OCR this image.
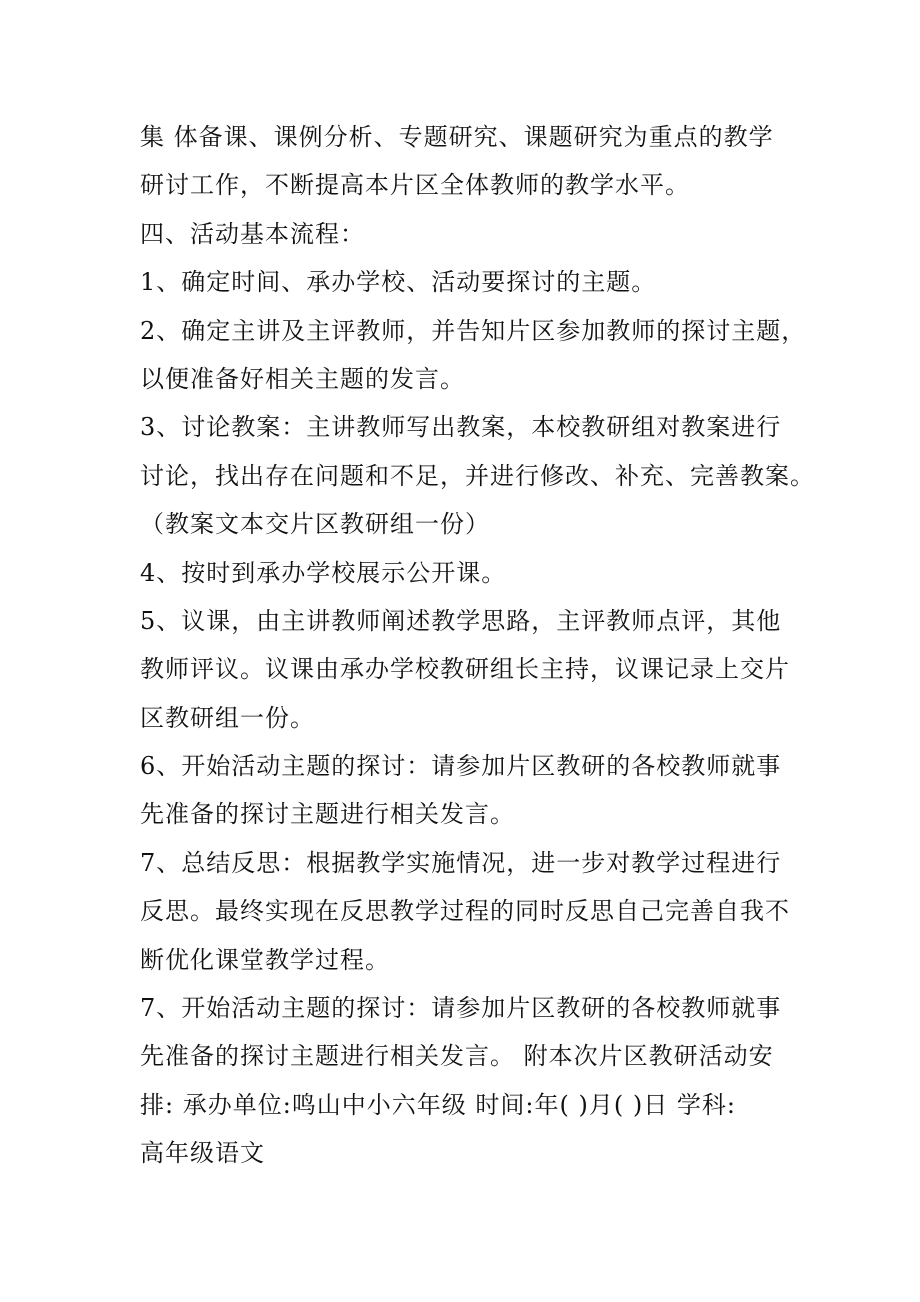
集 体备课、课例分析、专题研究、课题研究为重点的教学
研讨工作，不断提高本片区全体教师的教学水平。
四、活动基本流程：
1、确定时间、承办学校、活动要探讨的主题。
2、确定主讲及主评教师，并告知片区参加教师的探讨主题，
以便准备好相关主题的发言。
3、讨论教案：主讲教师写出教案，本校教研组对教案进行
讨论，找出存在问题和不足，并进行修改、补充、完善教案。
（教案文本交片区教研组一份）
4、按时到承办学校展示公开课。
5、议课，由主讲教师阐述教学思路，主评教师点评，其他
教师评议。议课由承办学校教研组长主持，议课记录上交片
区教研组一份。
6、开始活动主题的探讨：请参加片区教研的各校教师就事
先准备的探讨主题进行相关发言。
7、总结反思：根据教学实施情况，进一步对教学过程进行
反思。最终实现在反思教学过程的同时反思自己完善自我不
断优化课堂教学过程。
7、开始活动主题的探讨：请参加片区教研的各校教师就事
先准备的探讨主题进行相关发言。 附本次片区教研活动安
排: 承办单位:鸣山中小六年级 时间:年( )月( )日 学科:
高年级语文
